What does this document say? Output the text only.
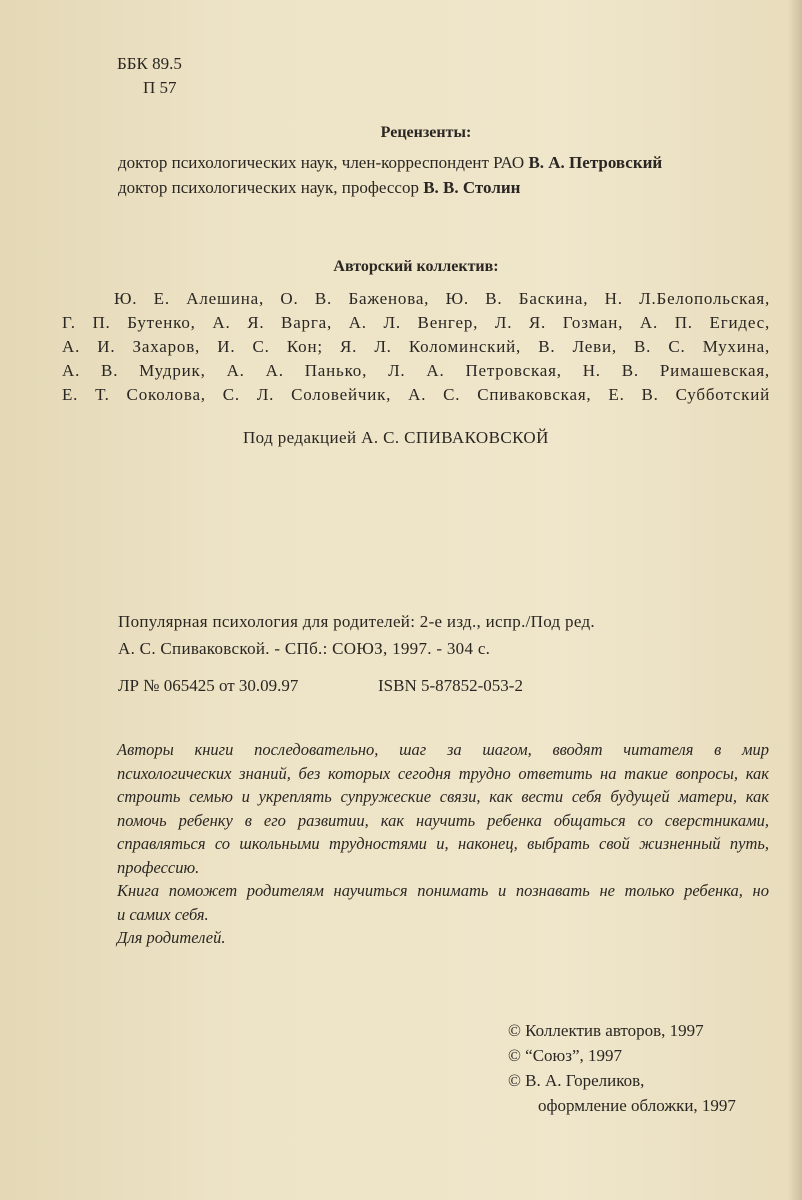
ББК 89.5
П 57
Рецензенты:
доктор психологических наук, член-корреспондент РАО В. А. Петровский
доктор психологических наук, профессор В. В. Столин
Авторский коллектив:
Ю. Е. Алешина, О. В. Баженова, Ю. В. Баскина, Н. Л.Белопольская,
Г. П. Бутенко, А. Я. Варга, А. Л. Венгер, Л. Я. Гозман, А. П. Егидес,
А. И. Захаров, И. С. Кон; Я. Л. Коломинский, В. Леви, В. С. Мухина,
А. В. Мудрик, А. А. Панько, Л. А. Петровская, Н. В. Римашевская,
Е. Т. Соколова, С. Л. Соловейчик, А. С. Спиваковская, Е. В. Субботский
Под редакцией А. С. СПИВАКОВСКОЙ
Популярная психология для родителей: 2-е изд., испр./Под ред.
А. С. Спиваковской. - СПб.: СОЮЗ, 1997. - 304 с.
ЛР № 065425 от 30.09.97	ISBN 5-87852-053-2
Авторы книги последовательно, шаг за шагом, вводят читателя в мир
психологических знаний, без которых сегодня трудно ответить на такие вопросы, как
строить семью и укреплять супружеские связи, как вести себя будущей матери, как
помочь ребенку в его развитии, как научить ребенка общаться со сверстниками,
справляться со школьными трудностями и, наконец, выбрать свой жизненный путь,
профессию.
Книга поможет родителям научиться понимать и познавать не только ребенка, но
и самих себя.
Для родителей.
© Коллектив авторов, 1997
© “Союз”, 1997
© В. А. Гореликов,
оформление обложки, 1997
